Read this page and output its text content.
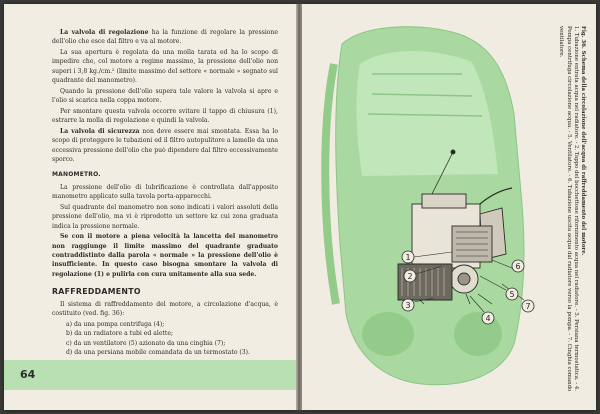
La valvola di regolazione ha la funzione di regolare la pressione dell'olio che esce dal filtro e va al motore.

La sua apertura è regolata da una molla tarata ed ha lo scopo di impedire che, col motore a regime massimo, la pressione dell'olio non superi i 3,8 kg./cm.² (limite massimo del settore « normale » segnato sul quadrante del manometro).

Quando la pressione dell'olio supera tale valore la valvola si apre e l'olio si scarica nella coppa motore.

Per smontare questa valvola occorre svitare il tappo di chiusura (1), estrarre la molla di regolazione e quindi la valvola.

La valvola di sicurezza non deve essere mai smontata. Essa ha lo scopo di proteggere le tubazioni ed il filtro autopulitore a lamelle da una eccessiva pressione dell'olio che può dipendere dal filtro eccessivamente sporco.

MANOMETRO.

La pressione dell'olio di lubrificazione è controllata dall'apposito manometro applicato sulla tavola porta-apparecchi.

Sul quadrante del manometro non sono indicati i valori assoluti della pressione dell'olio, ma vi è riprodotto un settore kz cui zona graduata indica la pressione normale.

Se con il motore a piena velocità la lancetta del manometro non raggiunge il limite massimo del quadrante graduato contraddistinto dalla parola « normale » la pressione dell'olio è insufficiente. In questo caso bisogna smontare la valvola di regolazione (1) e pulirla con cura unitamente alla sua sede.

RAFFREDDAMENTO

Il sistema di raffreddamento del motore, a circolazione d'acqua, è costituito (ved. fig. 36):

a) da una pompa centrifuga (4);
b) da un radiatore a tubi ed alette;
c) da un ventilatore (5) azionato da una cinghia (7);
d) da una persiana mobile comandata da un termostato (3).
64
1
2
3
4
5
6
7
Fig. 36. Schema della circolazione dell'acqua di raffreddamento del motore.
1. Tubazione entrata acqua nel radiatore. - 2. Tappo del bocchettone rifornimento acqua nel radiatore. - 3. Persiana termostatica. - 4. Pompa centrifuga circolazione acqua. - 5. Ventilatore. - 6. Tubazione uscita acqua dal radiatore verso la pompa. - 7. Cinghia comando ventilatore.
